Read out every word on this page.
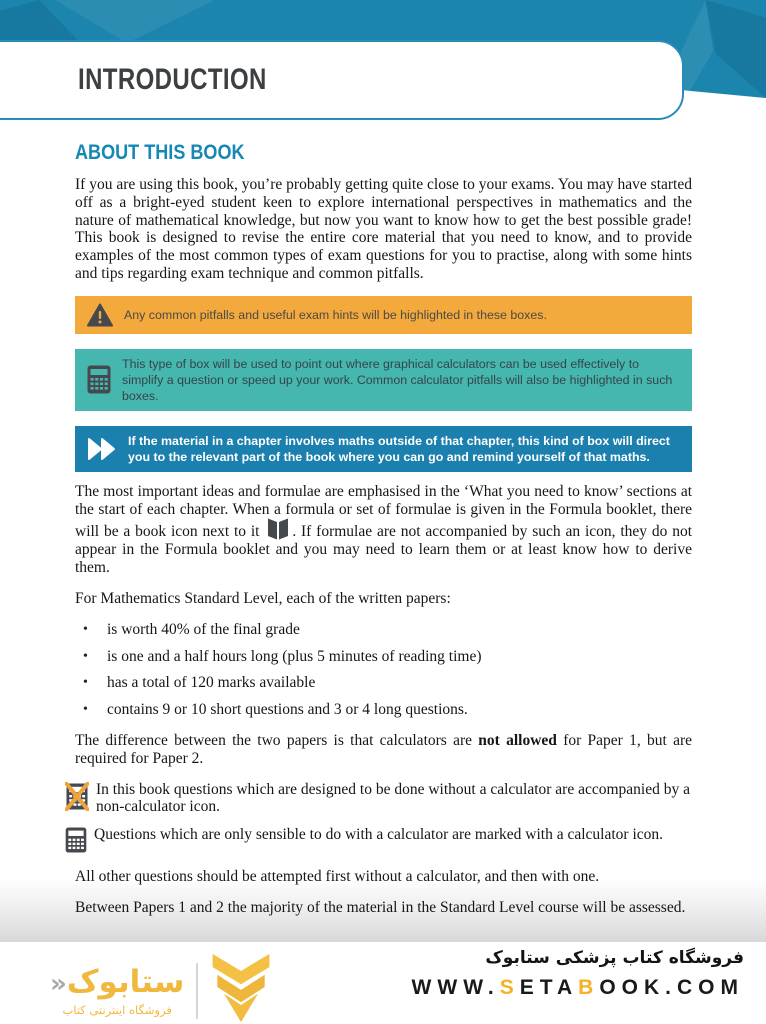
INTRODUCTION
ABOUT THIS BOOK

If you are using this book, you’re probably getting quite close to your exams. You may have started off as a bright-eyed student keen to explore international perspectives in mathematics and the nature of mathematical knowledge, but now you want to know how to get the best possible grade! This book is designed to revise the entire core material that you need to know, and to provide examples of the most common types of exam questions for you to practise, along with some hints and tips regarding exam technique and common pitfalls.

Any common pitfalls and useful exam hints will be highlighted in these boxes.
This type of box will be used to point out where graphical calculators can be used effectively to simplify a question or speed up your work. Common calculator pitfalls will also be highlighted in such boxes.
If the material in a chapter involves maths outside of that chapter, this kind of box will direct you to the relevant part of the book where you can go and remind yourself of that maths.

The most important ideas and formulae are emphasised in the ‘What you need to know’ sections at the start of each chapter. When a formula or set of formulae is given in the Formula booklet, there will be a book icon next to it . If formulae are not accompanied by such an icon, they do not appear in the Formula booklet and you may need to learn them or at least know how to derive them.

For Mathematics Standard Level, each of the written papers:

• is worth 40% of the final grade
• is one and a half hours long (plus 5 minutes of reading time)
• has a total of 120 marks available
• contains 9 or 10 short questions and 3 or 4 long questions.

The difference between the two papers is that calculators are not allowed for Paper 1, but are required for Paper 2.

In this book questions which are designed to be done without a calculator are accompanied by a non-calculator icon.

Questions which are only sensible to do with a calculator are marked with a calculator icon.

All other questions should be attempted first without a calculator, and then with one.

Between Papers 1 and 2 the majority of the material in the Standard Level course will be assessed.

ستابوک«
فروشگاه اینترنتی کتاب
فروشگاه کتاب پزشکی ستابوک
WWW.SETABOOK.COM
